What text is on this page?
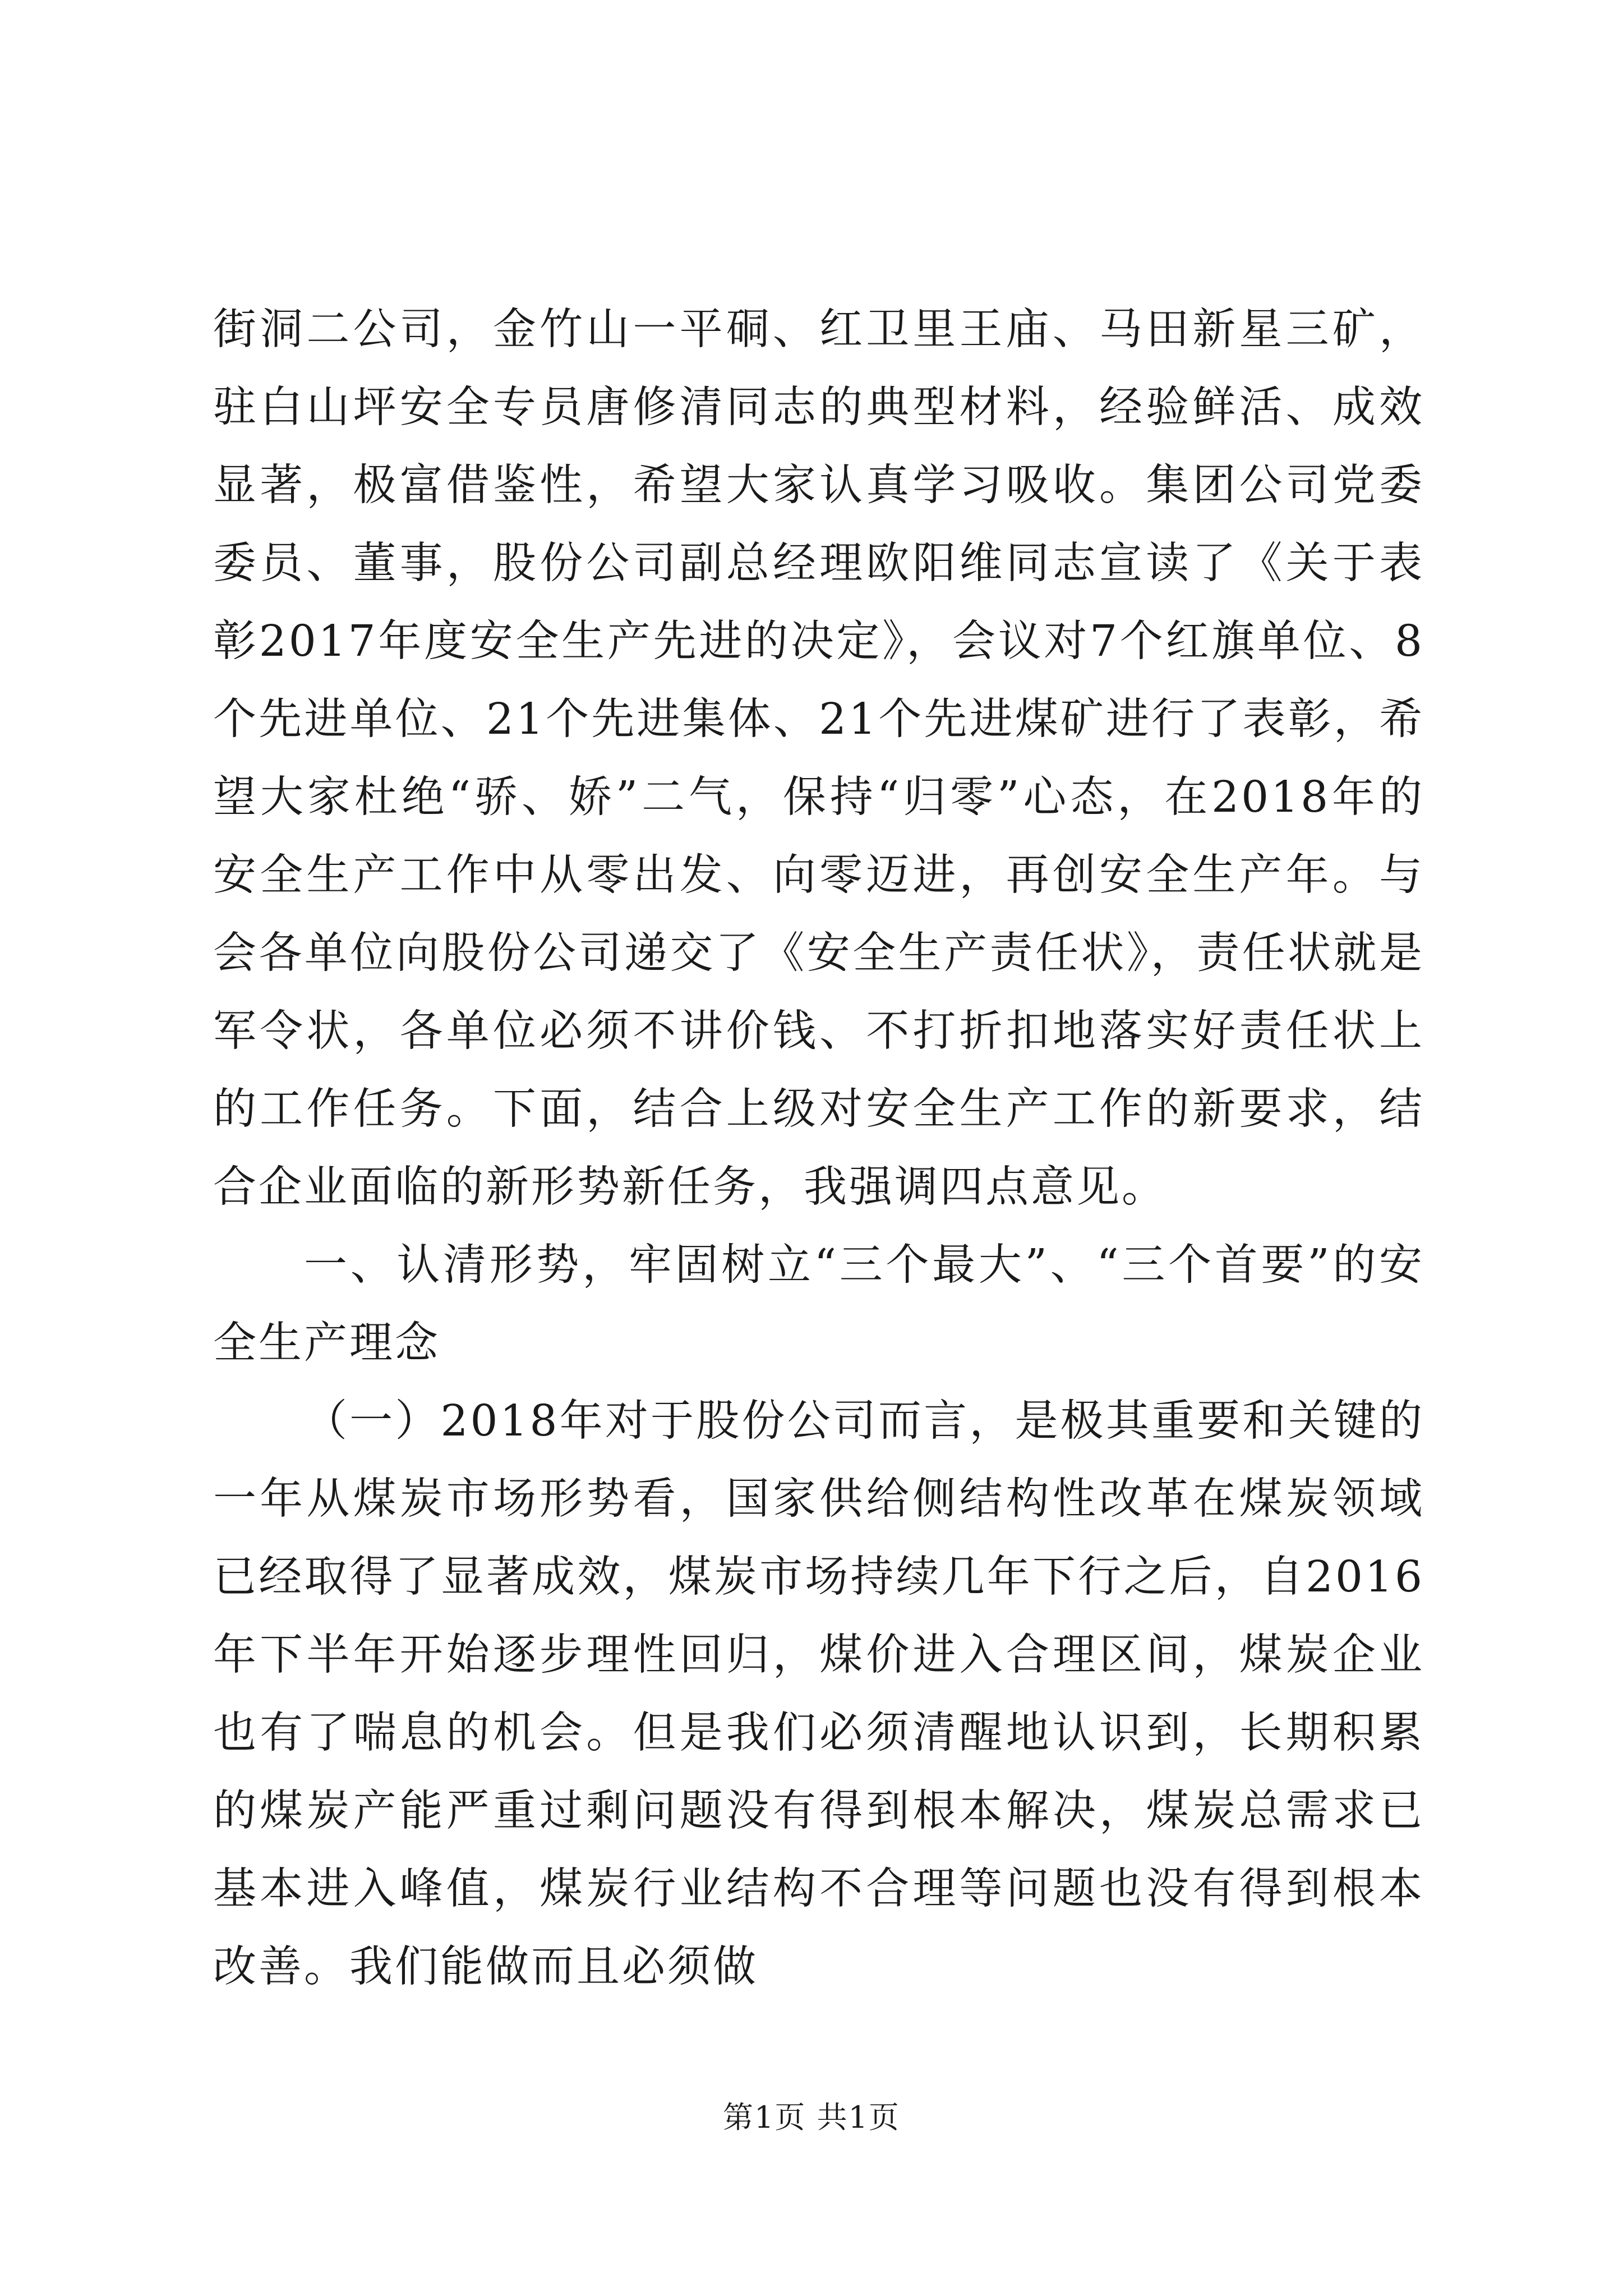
街洞二公司，金竹山一平硐、红卫里王庙、马田新星三矿，驻白山坪安全专员唐修清同志的典型材料，经验鲜活、成效显著，极富借鉴性，希望大家认真学习吸收。集团公司党委委员、董事，股份公司副总经理欧阳维同志宣读了《关于表彰2017年度安全生产先进的决定》，会议对7个红旗单位、8个先进单位、21个先进集体、21个先进煤矿进行了表彰，希望大家杜绝“骄、娇”二气，保持“归零”心态，在2018年的安全生产工作中从零出发、向零迈进，再创安全生产年。与会各单位向股份公司递交了《安全生产责任状》，责任状就是军令状，各单位必须不讲价钱、不打折扣地落实好责任状上的工作任务。下面，结合上级对安全生产工作的新要求，结合企业面临的新形势新任务，我强调四点意见。

一、认清形势，牢固树立“三个最大”、“三个首要”的安全生产理念

（一）2018年对于股份公司而言，是极其重要和关键的一年从煤炭市场形势看，国家供给侧结构性改革在煤炭领域已经取得了显著成效，煤炭市场持续几年下行之后，自2016年下半年开始逐步理性回归，煤价进入合理区间，煤炭企业也有了喘息的机会。但是我们必须清醒地认识到，长期积累的煤炭产能严重过剩问题没有得到根本解决，煤炭总需求已基本进入峰值，煤炭行业结构不合理等问题也没有得到根本改善。我们能做而且必须做

第1页 共1页
